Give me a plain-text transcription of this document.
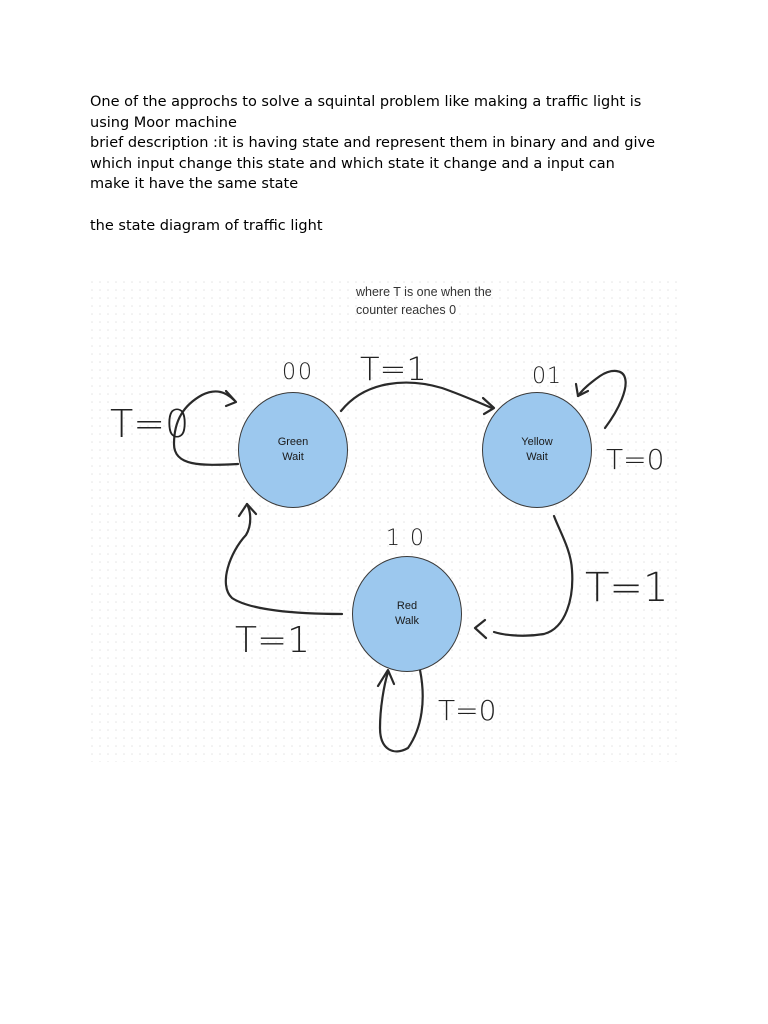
One of the approchs to solve a squintal problem like making a traffic light is

using Moor machine

brief description :it is having state and represent them in binary and and give

which input change this state and which state it change and a input can

make it have the same state

the state diagram of traffic light

where T is one when the
counter reaches 0
Green
Wait
Yellow
Wait
Red
Walk
00	01
10
T=0
T=1
T=0
T=1
T=1
T=0
